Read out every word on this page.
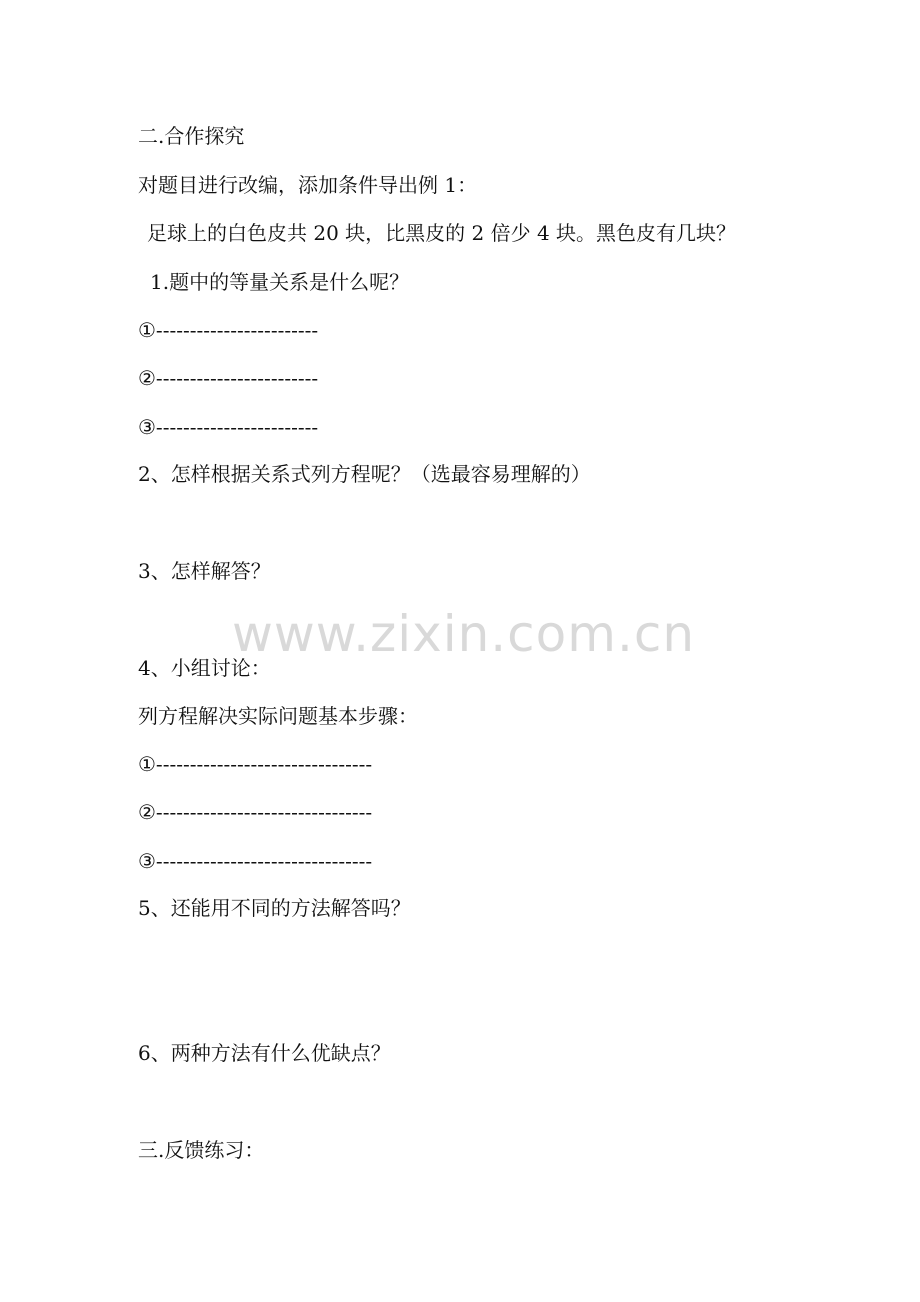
二.合作探究
对题目进行改编，添加条件导出例 1：
足球上的白色皮共 20 块，比黑皮的 2 倍少 4 块。黑色皮有几块？
1.题中的等量关系是什么呢？
①------------------------
②------------------------
③------------------------
2、怎样根据关系式列方程呢？（选最容易理解的）
3、怎样解答？
www.zixin.com.cn
4、小组讨论：
列方程解决实际问题基本步骤：
①--------------------------------
②--------------------------------
③--------------------------------
5、还能用不同的方法解答吗？
6、两种方法有什么优缺点？
三.反馈练习：
